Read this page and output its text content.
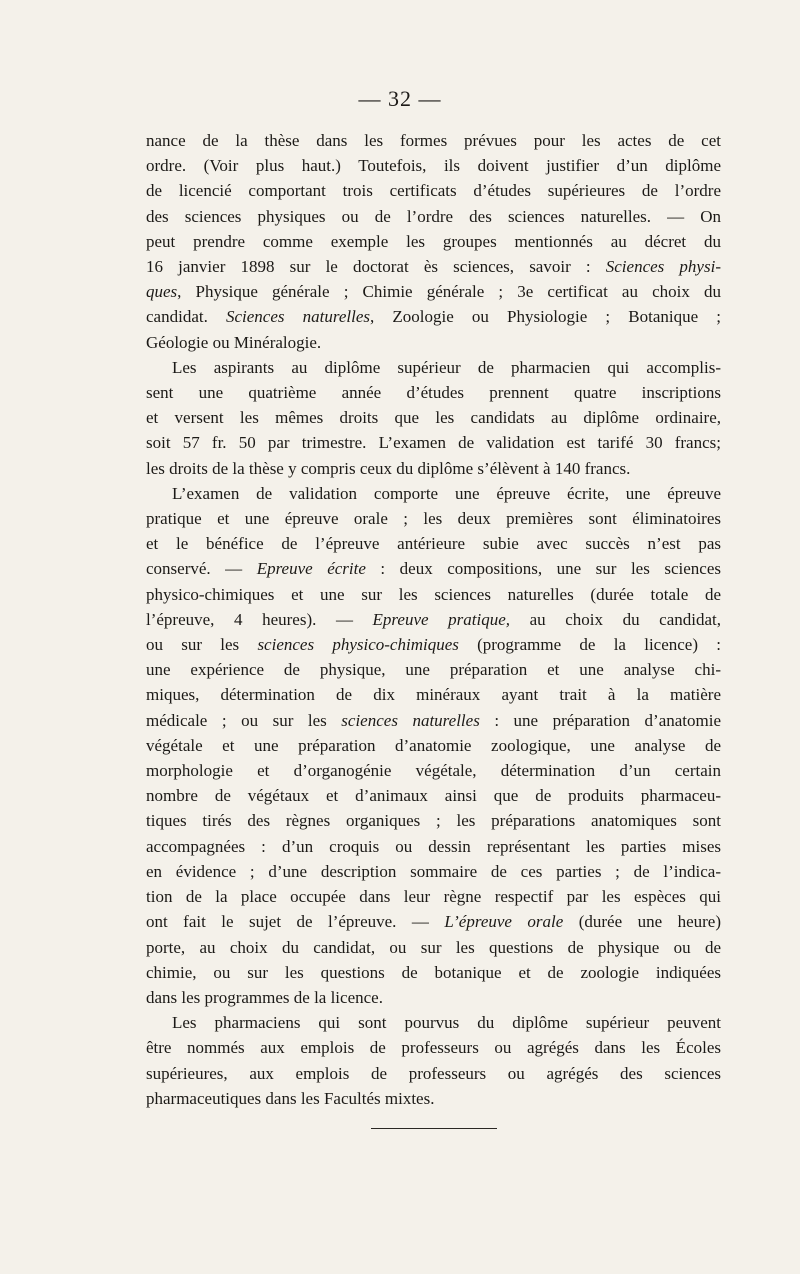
— 32 —

nance de la thèse dans les formes prévues pour les actes de cet
ordre. (Voir plus haut.) Toutefois, ils doivent justifier d’un diplôme
de licencié comportant trois certificats d’études supérieures de l’ordre
des sciences physiques ou de l’ordre des sciences naturelles. — On
peut prendre comme exemple les groupes mentionnés au décret du
16 janvier 1898 sur le doctorat ès sciences, savoir : Sciences physi-
ques, Physique générale ; Chimie générale ; 3e certificat au choix du
candidat. Sciences naturelles, Zoologie ou Physiologie ; Botanique ;
Géologie ou Minéralogie.

Les aspirants au diplôme supérieur de pharmacien qui accomplis-
sent une quatrième année d’études prennent quatre inscriptions
et versent les mêmes droits que les candidats au diplôme ordinaire,
soit 57 fr. 50 par trimestre. L’examen de validation est tarifé 30 francs;
les droits de la thèse y compris ceux du diplôme s’élèvent à 140 francs.

L’examen de validation comporte une épreuve écrite, une épreuve
pratique et une épreuve orale ; les deux premières sont éliminatoires
et le bénéfice de l’épreuve antérieure subie avec succès n’est pas
conservé. — Epreuve écrite : deux compositions, une sur les sciences
physico-chimiques et une sur les sciences naturelles (durée totale de
l’épreuve, 4 heures). — Epreuve pratique, au choix du candidat,
ou sur les sciences physico-chimiques (programme de la licence) :
une expérience de physique, une préparation et une analyse chi-
miques, détermination de dix minéraux ayant trait à la matière
médicale ; ou sur les sciences naturelles : une préparation d’anatomie
végétale et une préparation d’anatomie zoologique, une analyse de
morphologie et d’organogénie végétale, détermination d’un certain
nombre de végétaux et d’animaux ainsi que de produits pharmaceu-
tiques tirés des règnes organiques ; les préparations anatomiques sont
accompagnées : d’un croquis ou dessin représentant les parties mises
en évidence ; d’une description sommaire de ces parties ; de l’indica-
tion de la place occupée dans leur règne respectif par les espèces qui
ont fait le sujet de l’épreuve. — L’épreuve orale (durée une heure)
porte, au choix du candidat, ou sur les questions de physique ou de
chimie, ou sur les questions de botanique et de zoologie indiquées
dans les programmes de la licence.

Les pharmaciens qui sont pourvus du diplôme supérieur peuvent
être nommés aux emplois de professeurs ou agrégés dans les Écoles
supérieures, aux emplois de professeurs ou agrégés des sciences
pharmaceutiques dans les Facultés mixtes.
